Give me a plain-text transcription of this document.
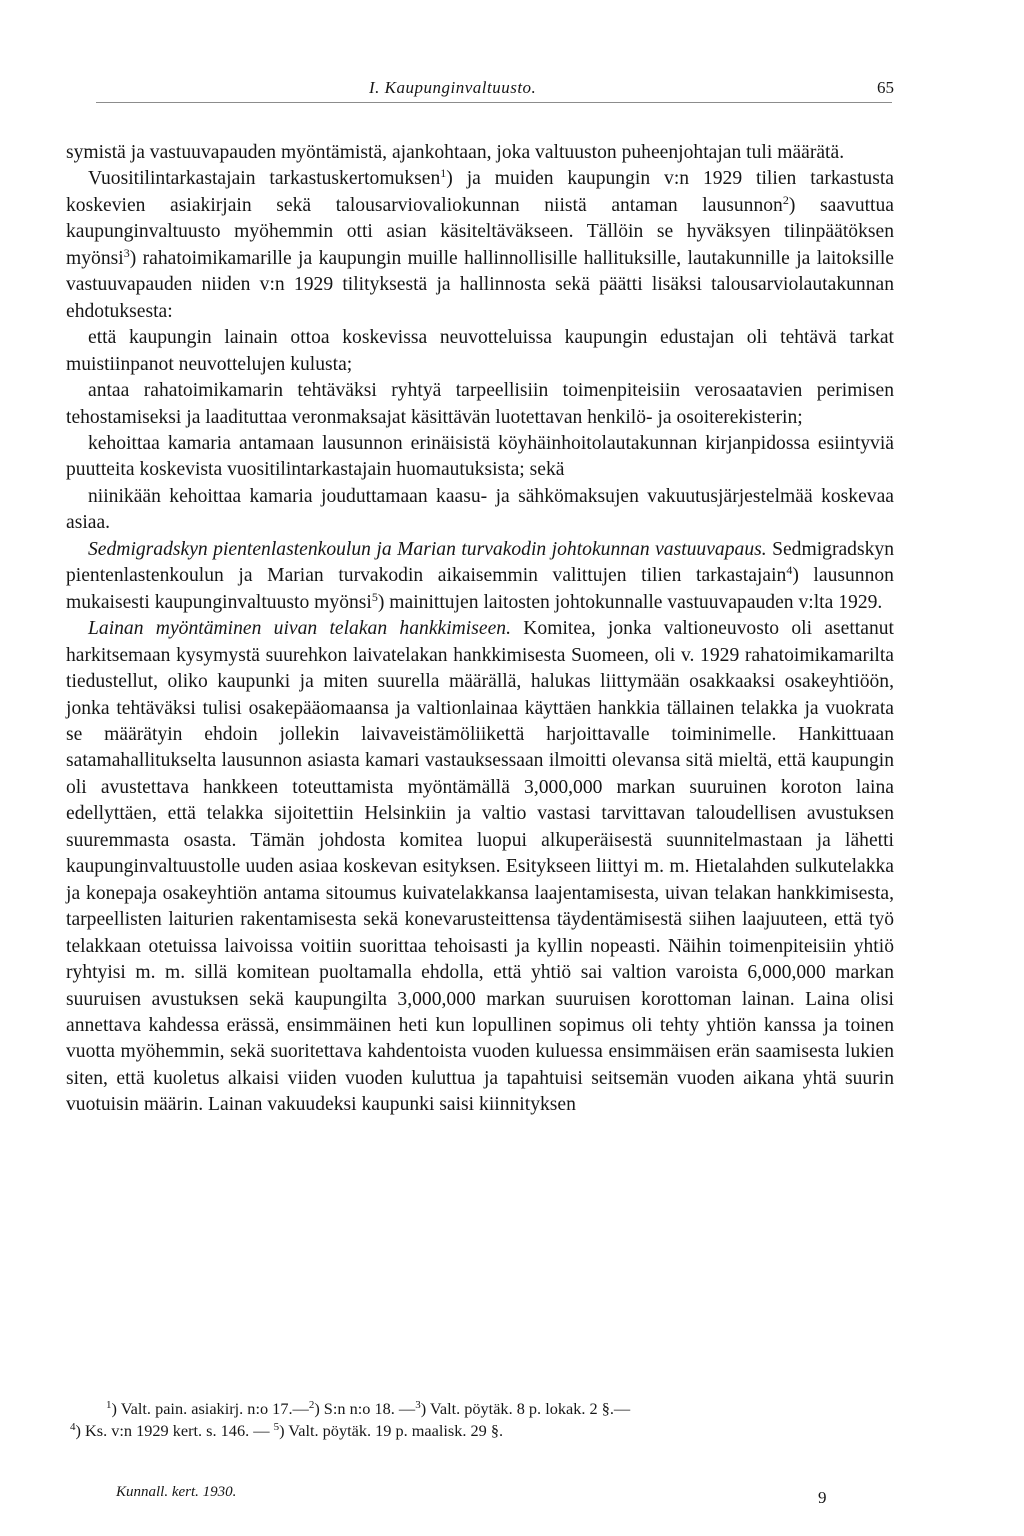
I. Kaupunginvaltuusto.	65

symistä ja vastuuvapauden myöntämistä, ajankohtaan, joka valtuuston puheenjohtajan tuli määrätä.

Vuositilintarkastajain tarkastuskertomuksen$^1$) ja muiden kaupungin v:n 1929 tilien tarkastusta koskevien asiakirjain sekä talousarviovaliokunnan niistä antaman lausunnon$^2$) saavuttua kaupunginvaltuusto myöhemmin otti asian käsiteltäväkseen. Tällöin se hyväksyen tilinpäätöksen myönsi$^3$) rahatoimikamarille ja kaupungin muille hallinnollisille hallituksille, lautakunnille ja laitoksille vastuuvapauden niiden v:n 1929 tilityksestä ja hallinnosta sekä päätti lisäksi talousarviolautakunnan ehdotuksesta:

että kaupungin lainain ottoa koskevissa neuvotteluissa kaupungin edustajan oli tehtävä tarkat muistiinpanot neuvottelujen kulusta;

antaa rahatoimikamarin tehtäväksi ryhtyä tarpeellisiin toimenpiteisiin verosaatavien perimisen tehostamiseksi ja laadituttaa veronmaksajat käsittävän luotettavan henkilö- ja osoiterekisterin;

kehoittaa kamaria antamaan lausunnon erinäisistä köyhäinhoitolautakunnan kirjanpidossa esiintyviä puutteita koskevista vuositilintarkastajain huomautuksista; sekä

niinikään kehoittaa kamaria jouduttamaan kaasu- ja sähkömaksujen vakuutusjärjestelmää koskevaa asiaa.

Sedmigradskyn pientenlastenkoulun ja Marian turvakodin johtokunnan vastuuvapaus. Sedmigradskyn pientenlastenkoulun ja Marian turvakodin aikaisemmin valittujen tilien tarkastajain$^4$) lausunnon mukaisesti kaupunginvaltuusto myönsi$^5$) mainittujen laitosten johtokunnalle vastuuvapauden v:lta 1929.

Lainan myöntäminen uivan telakan hankkimiseen. Komitea, jonka valtioneuvosto oli asettanut harkitsemaan kysymystä suurehkon laivatelakan hankkimisesta Suomeen, oli v. 1929 rahatoimikamarilta tiedustellut, oliko kaupunki ja miten suurella määrällä, halukas liittymään osakkaaksi osakeyhtiöön, jonka tehtäväksi tulisi osakepääomaansa ja valtionlainaa käyttäen hankkia tällainen telakka ja vuokrata se määrätyin ehdoin jollekin laivaveistämöliikettä harjoittavalle toiminimelle. Hankittuaan satamahallitukselta lausunnon asiasta kamari vastauksessaan ilmoitti olevansa sitä mieltä, että kaupungin oli avustettava hankkeen toteuttamista myöntämällä 3,000,000 markan suuruinen koroton laina edellyttäen, että telakka sijoitettiin Helsinkiin ja valtio vastasi tarvittavan taloudellisen avustuksen suuremmasta osasta. Tämän johdosta komitea luopui alkuperäisestä suunnitelmastaan ja lähetti kaupunginvaltuustolle uuden asiaa koskevan esityksen. Esitykseen liittyi m. m. Hietalahden sulkutelakka ja konepaja osakeyhtiön antama sitoumus kuivatelakkansa laajentamisesta, uivan telakan hankkimisesta, tarpeellisten laiturien rakentamisesta sekä konevarusteittensa täydentämisestä siihen laajuuteen, että työ telakkaan otetuissa laivoissa voitiin suorittaa tehoisasti ja kyllin nopeasti. Näihin toimenpiteisiin yhtiö ryhtyisi m. m. sillä komitean puoltamalla ehdolla, että yhtiö sai valtion varoista 6,000,000 markan suuruisen avustuksen sekä kaupungilta 3,000,000 markan suuruisen korottoman lainan. Laina olisi annettava kahdessa erässä, ensimmäinen heti kun lopullinen sopimus oli tehty yhtiön kanssa ja toinen vuotta myöhemmin, sekä suoritettava kahdentoista vuoden kuluessa ensimmäisen erän saamisesta lukien siten, että kuoletus alkaisi viiden vuoden kuluttua ja tapahtuisi seitsemän vuoden aikana yhtä suurin vuotuisin määrin. Lainan vakuudeksi kaupunki saisi kiinnityksen

$^1$) Valt. pain. asiakirj. n:o 17.—$^2$) S:n n:o 18. —$^3$) Valt. pöytäk. 8 p. lokak. 2 §.—

$^4$) Ks. v:n 1929 kert. s. 146. — $^5$) Valt. pöytäk. 19 p. maalisk. 29 §.

Kunnall. kert. 1930.	9
